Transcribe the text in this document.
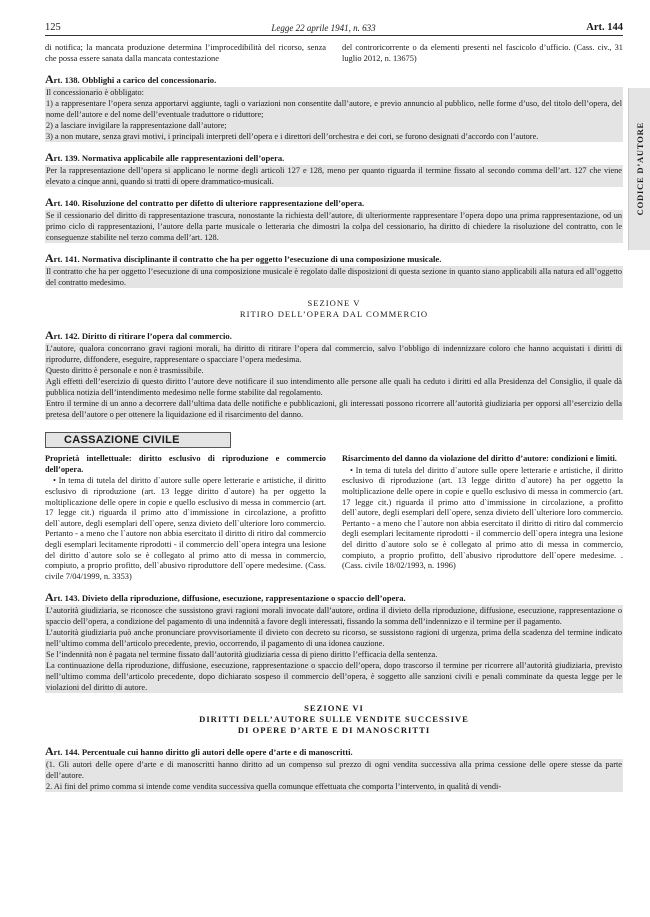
CODICE D’AUTORE
125	Legge 22 aprile 1941, n. 633	Art. 144
di notifica; la mancata produzione determina l’improcedibilità del ricorso, senza che possa essere sanata dalla mancata contestazione
del controricorrente o da elementi presenti nel fascicolo d’ufficio. (Cass. civ., 31 luglio 2012, n. 13675)
Art. 138. Obblighi a carico del concessionario.

Il concessionario è obbligato:

1) a rappresentare l’opera senza apportarvi aggiunte, tagli o variazioni non consentite dall’autore, e previo annuncio al pubblico, nelle forme d’uso, del titolo dell’opera, del nome dell’autore e del nome dell’eventuale traduttore o riduttore;

2) a lasciare invigilare la rappresentazione dall’autore;

3) a non mutare, senza gravi motivi, i principali interpreti dell’opera e i direttori dell’orchestra e dei cori, se furono designati d’accordo con l’autore.

Art. 139. Normativa applicabile alle rappresentazioni dell’opera.

Per la rappresentazione dell’opera si applicano le norme degli articoli 127 e 128, meno per quanto riguarda il termine fissato al secondo comma dell’art. 127 che viene elevato a cinque anni, quando si tratti di opere drammatico-musicali.

Art. 140. Risoluzione del contratto per difetto di ulteriore rappresentazione dell’opera.

Se il cessionario del diritto di rappresentazione trascura, nonostante la richiesta dell’autore, di ulteriormente rappresentare l’opera dopo una prima rappresentazione, od un primo ciclo di rappresentazioni, l’autore della parte musicale o letteraria che dimostri la colpa del cessionario, ha diritto di chiedere la risoluzione del contratto, con le conseguenze stabilite nel terzo comma dell’art. 128.

Art. 141. Normativa disciplinante il contratto che ha per oggetto l’esecuzione di una composizione musicale.

Il contratto che ha per oggetto l’esecuzione di una composizione musicale è regolato dalle disposizioni di questa sezione in quanto siano applicabili alla natura ed all’oggetto del contratto medesimo.

SEZIONE V
RITIRO DELL’OPERA DAL COMMERCIO
Art. 142. Diritto di ritirare l’opera dal commercio.

L’autore, qualora concorrano gravi ragioni morali, ha diritto di ritirare l’opera dal commercio, salvo l’obbligo di indennizzare coloro che hanno acquistati i diritti di riprodurre, diffondere, eseguire, rappresentare o spacciare l’opera medesima.

Questo diritto è personale e non è trasmissibile.

Agli effetti dell’esercizio di questo diritto l’autore deve notificare il suo intendimento alle persone alle quali ha ceduto i diritti ed alla Presidenza del Consiglio, il quale dà pubblica notizia dell’intendimento medesimo nelle forme stabilite dal regolamento.

Entro il termine di un anno a decorrere dall’ultima data delle notifiche e pubblicazioni, gli interessati possono ricorrere all’autorità giudiziaria per opporsi all’esercizio della pretesa dell’autore o per ottenere la liquidazione ed il risarcimento del danno.

CASSAZIONE CIVILE
Proprietà intellettuale: diritto esclusivo di riproduzione e commercio dell’opera.

• In tema di tutela del diritto d`autore sulle opere letterarie e artistiche, il diritto esclusivo di riproduzione (art. 13 legge diritto d`autore) ha per oggetto la moltiplicazione delle opere in copie e quello esclusivo di messa in commercio (art. 17 legge cit.) riguarda il primo atto d`immissione in circolazione, a profitto dell`autore, degli esemplari dell`opere, senza divieto dell`ulteriore loro commercio. Pertanto - a meno che l`autore non abbia esercitato il diritto di ritiro dal commercio degli esemplari lecitamente riprodotti - il commercio dell`opera integra una lesione del diritto d`autore solo se è collegato al primo atto di messa in commercio, compiuto, a proprio profitto, dell`abusivo riproduttore dell`opere medesime. (Cass. civile 7/04/1999, n. 3353)

Risarcimento del danno da violazione del diritto d’autore: condizioni e limiti.

• In tema di tutela del diritto d`autore sulle opere letterarie e artistiche, il diritto esclusivo di riproduzione (art. 13 legge diritto d`autore) ha per oggetto la moltiplicazione delle opere in copie e quello esclusivo di messa in commercio (art. 17 legge cit.) riguarda il primo atto d`immissione in circolazione, a profitto dell`autore, degli esemplari dell`opere, senza divieto dell`ulteriore loro commercio. Pertanto - a meno che l`autore non abbia esercitato il diritto di ritiro dal commercio degli esemplari lecitamente riprodotti - il commercio dell`opera integra una lesione del diritto d`autore solo se è collegato al primo atto di messa in commercio, compiuto, a proprio profitto, dell`abusivo riproduttore dell`opere medesime. . (Cass. civile 18/02/1993, n. 1996)

Art. 143. Divieto della riproduzione, diffusione, esecuzione, rappresentazione o spaccio dell’opera.

L’autorità giudiziaria, se riconosce che sussistono gravi ragioni morali invocate dall’autore, ordina il divieto della riproduzione, diffusione, esecuzione, rappresentazione o spaccio dell’opera, a condizione del pagamento di una indennità a favore degli interessati, fissando la somma dell’indennizzo e il termine per il pagamento.

L’autorità giudiziaria può anche pronunciare provvisoriamente il divieto con decreto su ricorso, se sussistono ragioni di urgenza, prima della scadenza del termine indicato nell’ultimo comma dell’articolo precedente, previo, occorrendo, il pagamento di una idonea cauzione.

Se l’indennità non è pagata nel termine fissato dall’autorità giudiziaria cessa di pieno diritto l’efficacia della sentenza.

La continuazione della riproduzione, diffusione, esecuzione, rappresentazione o spaccio dell’opera, dopo trascorso il termine per ricorrere all’autorità giudiziaria, previsto nell’ultimo comma dell’articolo precedente, dopo dichiarato sospeso il commercio dell’opera, è soggetto alle sanzioni civili e penali comminate da questa legge per le violazioni del diritto di autore.

SEZIONE VI
DIRITTI DELL’AUTORE SULLE VENDITE SUCCESSIVE
DI OPERE D’ARTE E DI MANOSCRITTI
Art. 144. Percentuale cui hanno diritto gli autori delle opere d’arte e di manoscritti.

(1. Gli autori delle opere d’arte e di manoscritti hanno diritto ad un compenso sul prezzo di ogni vendita successiva alla prima cessione delle opere stesse da parte dell’autore.

2. Ai fini del primo comma si intende come vendita successiva quella comunque effettuata che comporta l’intervento, in qualità di vendi-
